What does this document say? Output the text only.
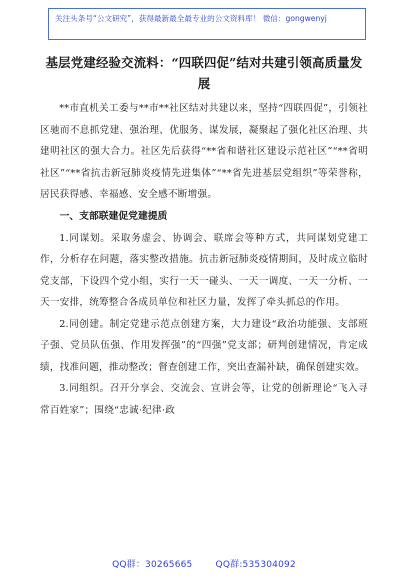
关注头条号“公文研究”，获得最新最全最专业的公文资料库！ 微信：gongwenyj
基层党建经验交流料：“四联四促”结对共建引领高质量发展

**市直机关工委与**市**社区结对共建以来，坚持“四联四促”，引领社区驰而不息抓党建、强治理、优服务、谋发展，凝聚起了强化社区治理、共建明社区的强大合力。社区先后获得“**省和谐社区建设示范社区”“**省明社区”“**省抗击新冠肺炎疫情先进集体”“**省先进基层党组织”等荣誉称，居民获得感、幸福感、安全感不断增强。

一、支部联建促党建提质

1.同谋划。采取务虚会、协调会、联席会等种方式，共同谋划党建工作，分析存在问题，落实整改措施。抗击新冠肺炎疫情期间，及时成立临时党支部，下设四个党小组，实行一天一碰头、一天一调度、一天一分析、一天一安排，统筹整合各成员单位和社区力量，发挥了牵头抓总的作用。

2.同创建。制定党建示范点创建方案，大力建设“政治功能强、支部班子强、党员队伍强、作用发挥强”的“四强”党支部；研判创建情况，肯定成绩，找准问题，推动整改；督查创建工作，突出查漏补缺，确保创建实效。

3.同组织。召开分享会、交流会、宣讲会等，让党的创新理论“飞入寻常百姓家”；围绕“忠诚·纪律·政

QQ群：30265665	QQ群:535304092
